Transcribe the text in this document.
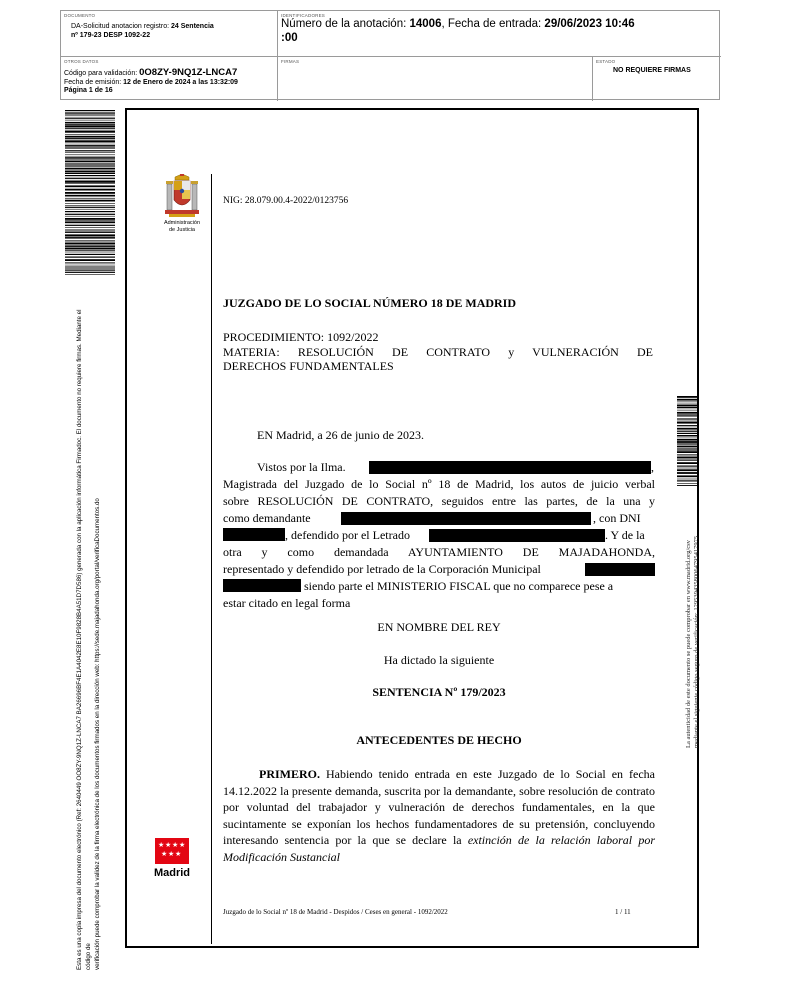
DOCUMENTO
DA-Solicitud anotacion registro: 24 Sentencia
nº 179-23 DESP 1092-22
IDENTIFICADORES
Número de la anotación: 14006, Fecha de entrada: 29/06/2023 10:46
:00
OTROS DATOS
Código para validación: 0O8ZY-9NQ1Z-LNCA7
Fecha de emisión: 12 de Enero de 2024 a las 13:32:09
Página 1 de 16
FIRMAS	ESTADO
NO REQUIERE FIRMAS
Esta es una copia impresa del documento electrónico (Ref: 2640449 OO8ZY-9NQ1Z-LNCA7 BA26696BF4E1A4042E8E10F9828B4A51D7D586) generada con la aplicación informática Firmadoc. El documento no requiere firmas. Mediante el código de verificación puede comprobar la validez de la firma electrónica de los documentos firmados en la dirección web: https://sede.majadahonda.org/portal/verificaDocumentos.do
Administración
de Justicia
★ ★ ★ ★
★ ★ ★
Madrid
NIG: 28.079.00.4-2022/0123756
JUZGADO DE LO SOCIAL NÚMERO 18 DE MADRID
PROCEDIMIENTO: 1092/2022
MATERIA: RESOLUCIÓN DE CONTRATO y VULNERACIÓN DE
DERECHOS FUNDAMENTALES
EN Madrid, a 26 de junio de 2023.
Vistos por la Ilma.	,
Magistrada del Juzgado de lo Social nº 18 de Madrid, los autos de juicio verbal
sobre RESOLUCIÓN DE CONTRATO, seguidos entre las partes, de la una y
como demandante	, con DNI
, defendido por el Letrado	. Y de la
otra y como demandada AYUNTAMIENTO DE MAJADAHONDA,
representado y defendido por letrado de la Corporación Municipal
siendo parte el MINISTERIO FISCAL que no comparece pese a
estar citado en legal forma
EN NOMBRE DEL REY
Ha dictado la siguiente
SENTENCIA Nº 179/2023
ANTECEDENTES DE HECHO
PRIMERO. Habiendo tenido entrada en este Juzgado de lo Social en fecha 14.12.2022 la presente demanda, suscrita por la demandante, sobre resolución de contrato por voluntad del trabajador y vulneración de derechos fundamentales, en la que sucintamente se exponían los hechos fundamentadores de su pretensión, concluyendo interesando sentencia por la que se declare la extinción de la relación laboral por Modificación Sustancial
Juzgado de lo Social nº 18 de Madrid - Despidos / Ceses en general - 1092/2022	1 / 11
La autenticidad de este documento se puede comprobar en www.madrid.org/csv mediante el siguiente código seguro de verificación: 12953943580064795417975
